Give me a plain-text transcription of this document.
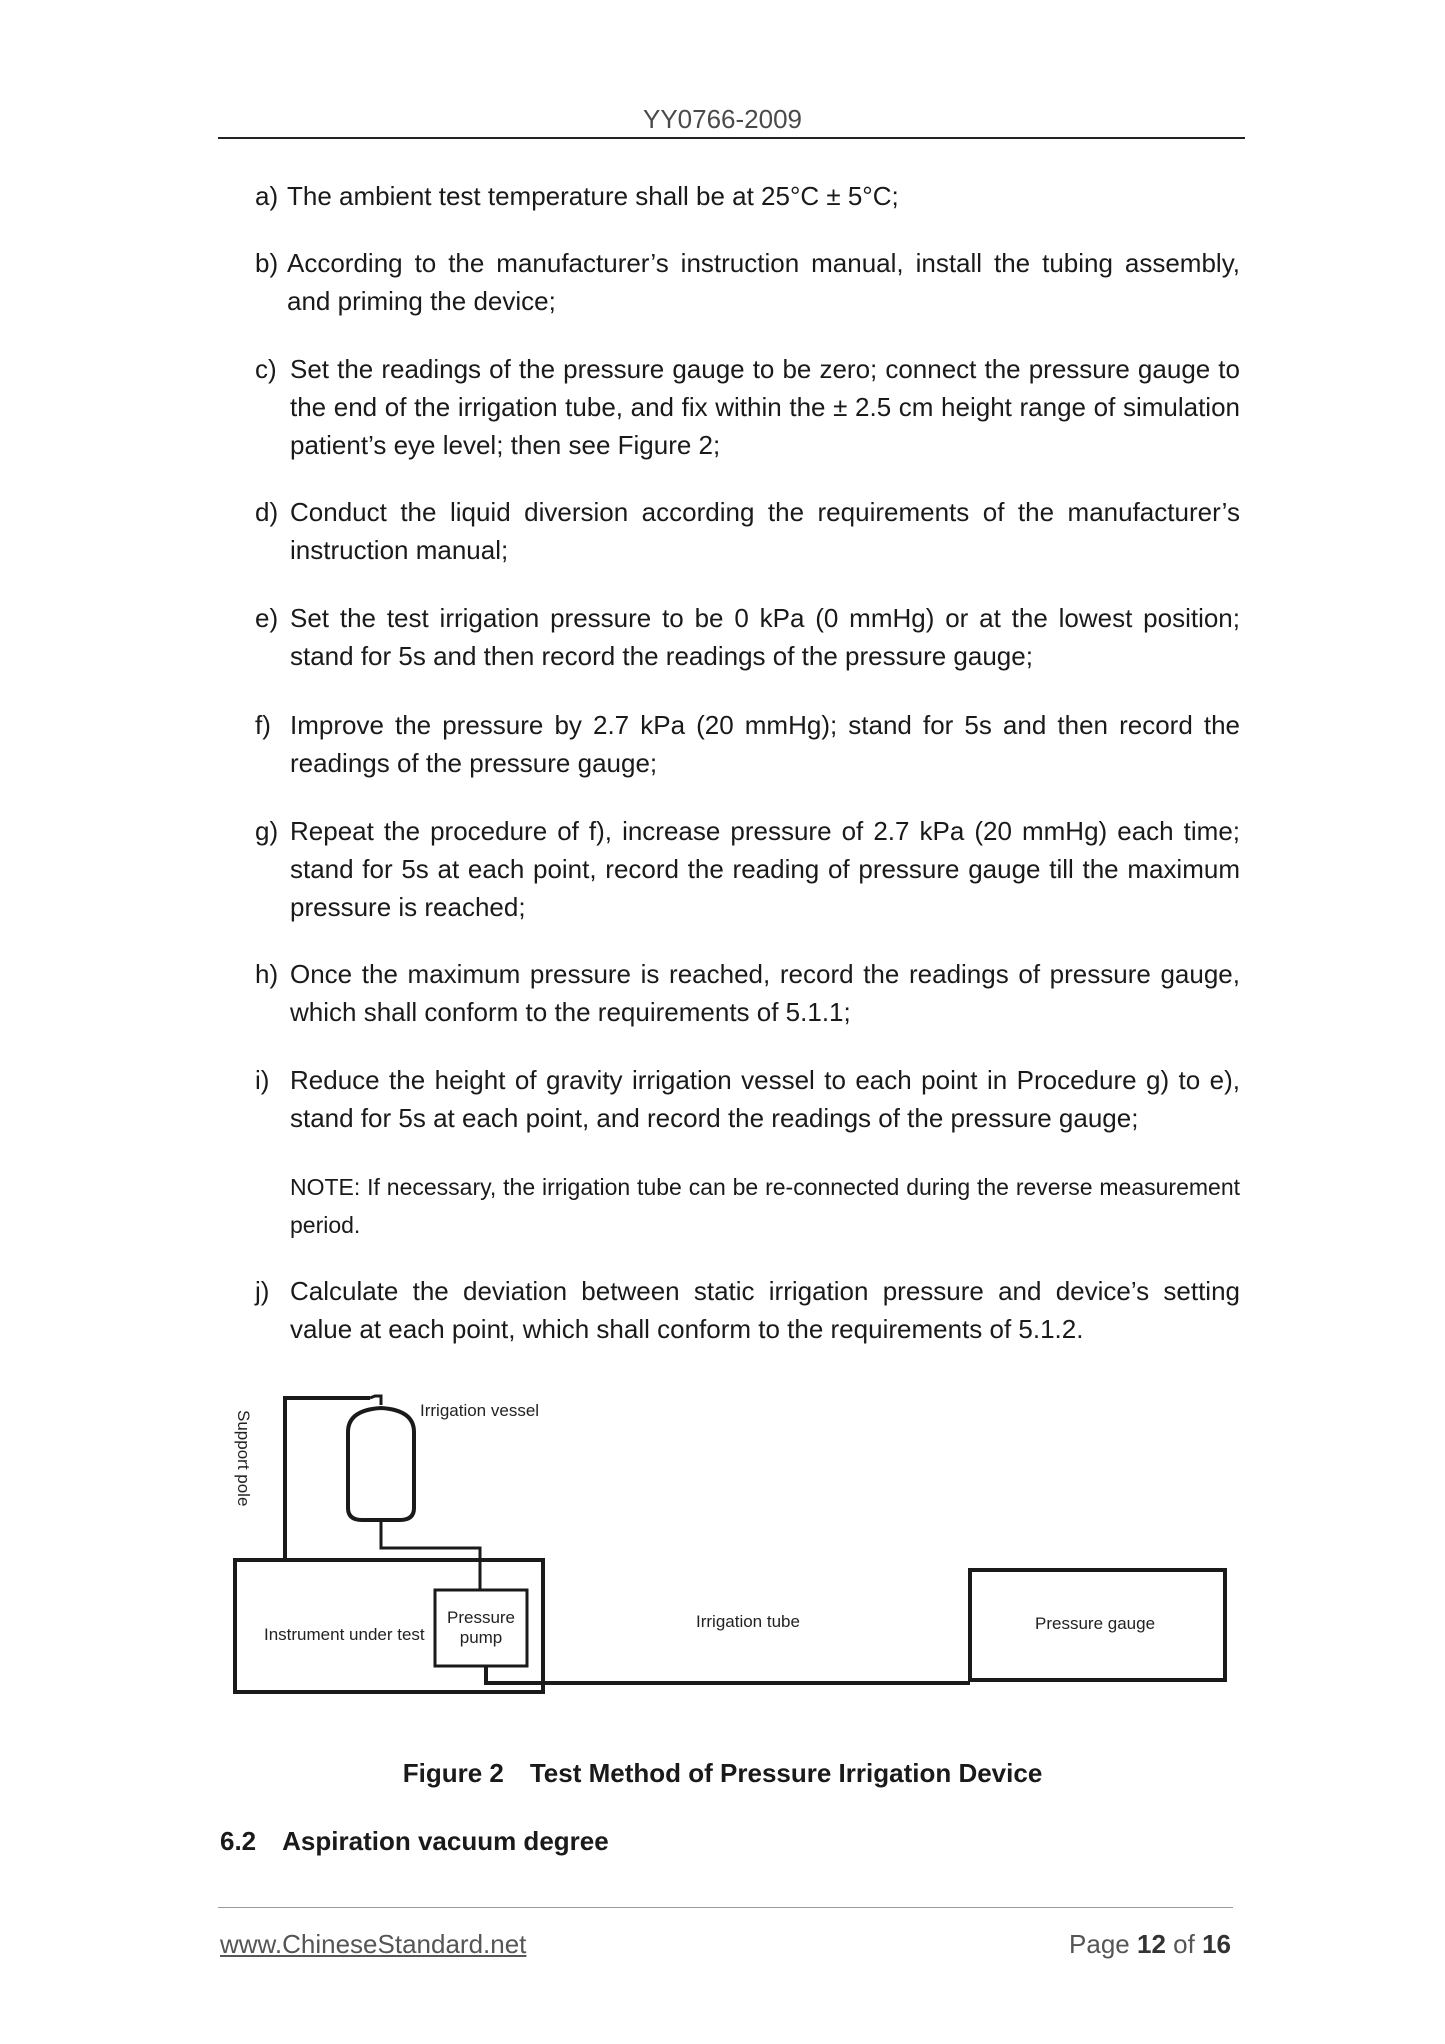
YY0766-2009
a) The ambient test temperature shall be at 25°C ± 5°C;
b) According to the manufacturer’s instruction manual, install the tubing assembly, and priming the device;
c) Set the readings of the pressure gauge to be zero; connect the pressure gauge to the end of the irrigation tube, and fix within the ± 2.5 cm height range of simulation patient’s eye level; then see Figure 2;
d) Conduct the liquid diversion according the requirements of the manufacturer’s instruction manual;
e) Set the test irrigation pressure to be 0 kPa (0 mmHg) or at the lowest position; stand for 5s and then record the readings of the pressure gauge;
f) Improve the pressure by 2.7 kPa (20 mmHg); stand for 5s and then record the readings of the pressure gauge;
g) Repeat the procedure of f), increase pressure of 2.7 kPa (20 mmHg) each time; stand for 5s at each point, record the reading of pressure gauge till the maximum pressure is reached;
h) Once the maximum pressure is reached, record the readings of pressure gauge, which shall conform to the requirements of 5.1.1;
i) Reduce the height of gravity irrigation vessel to each point in Procedure g) to e), stand for 5s at each point, and record the readings of the pressure gauge;
NOTE: If necessary, the irrigation tube can be re-connected during the reverse measurement period.
j) Calculate the deviation between static irrigation pressure and device’s setting value at each point, which shall conform to the requirements of 5.1.2.
Support pole	Irrigation vessel
Instrument under test
Pressure
pump
Irrigation tube	Pressure gauge
Figure 2 Test Method of Pressure Irrigation Device
6.2 Aspiration vacuum degree
www.ChineseStandard.net	Page 12 of 16
